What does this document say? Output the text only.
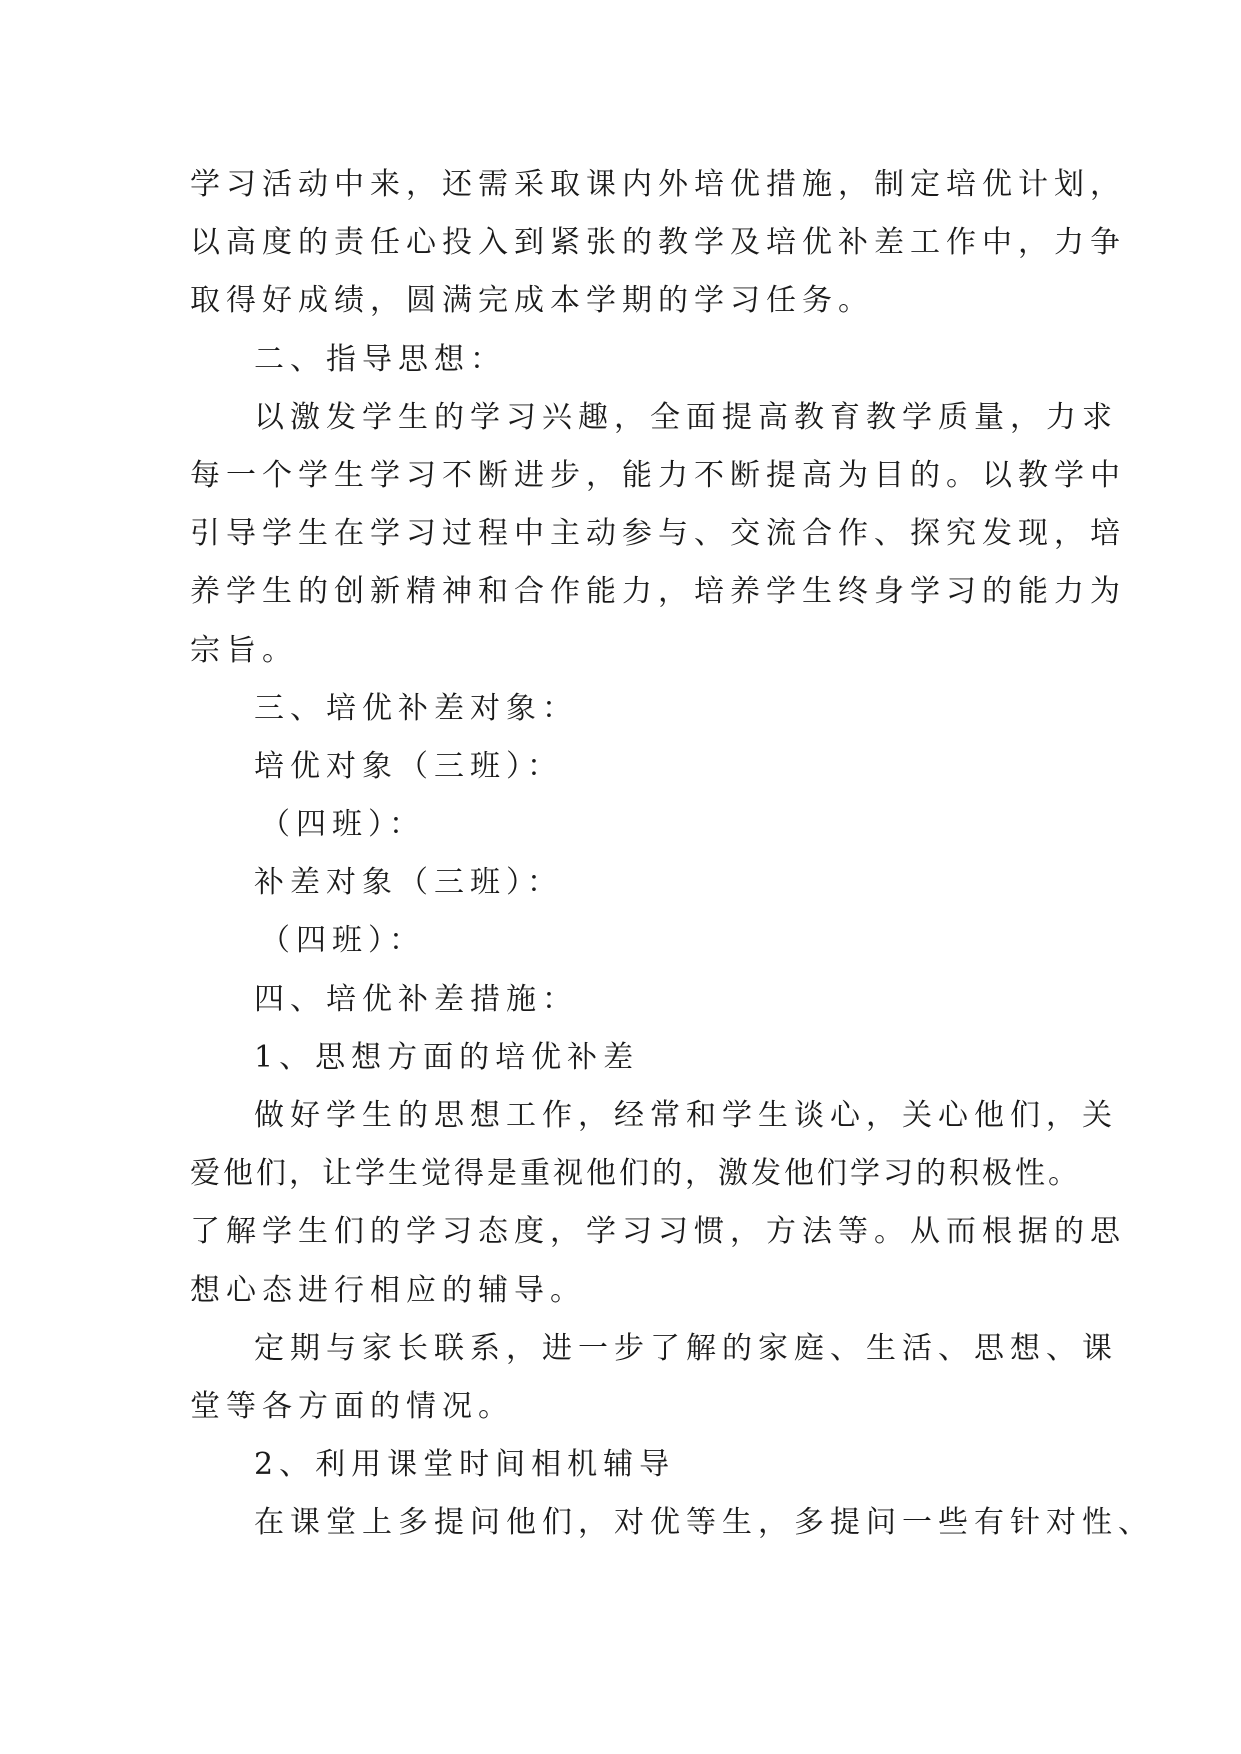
学习活动中来，还需采取课内外培优措施，制定培优计划，
以高度的责任心投入到紧张的教学及培优补差工作中，力争
取得好成绩，圆满完成本学期的学习任务。
二、指导思想：
以激发学生的学习兴趣，全面提高教育教学质量，力求
每一个学生学习不断进步，能力不断提高为目的。以教学中
引导学生在学习过程中主动参与、交流合作、探究发现，培
养学生的创新精神和合作能力，培养学生终身学习的能力为
宗旨。
三、培优补差对象：
培优对象（三班）：
（四班）：
补差对象（三班）：
（四班）：
四、培优补差措施：
1、思想方面的培优补差
做好学生的思想工作，经常和学生谈心，关心他们，关
爱他们，让学生觉得是重视他们的，激发他们学习的积极性。
了解学生们的学习态度，学习习惯，方法等。从而根据的思
想心态进行相应的辅导。
定期与家长联系，进一步了解的家庭、生活、思想、课
堂等各方面的情况。
2、利用课堂时间相机辅导
在课堂上多提问他们，对优等生，多提问一些有针对性、
